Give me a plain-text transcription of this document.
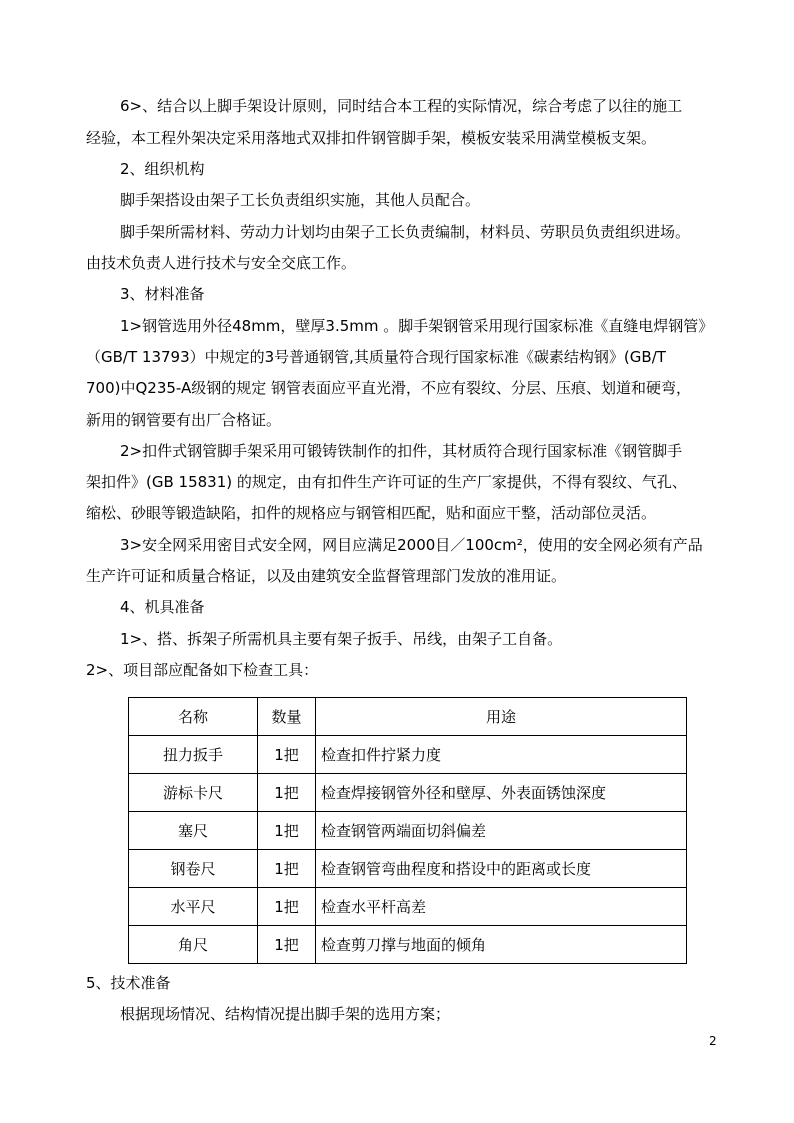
6>、结合以上脚手架设计原则，同时结合本工程的实际情况，综合考虑了以往的施工
经验，本工程外架决定采用落地式双排扣件钢管脚手架，模板安装采用满堂模板支架。
2、组织机构
脚手架搭设由架子工长负责组织实施，其他人员配合。
脚手架所需材料、劳动力计划均由架子工长负责编制，材料员、劳职员负责组织进场。
由技术负责人进行技术与安全交底工作。
3、材料准备
1>钢管选用外径48mm，壁厚3.5mm 。脚手架钢管采用现行国家标准《直缝电焊钢管》
（GB/T 13793）中规定的3号普通钢管,其质量符合现行国家标准《碳素结构钢》(GB/T
700)中Q235-A级钢的规定 钢管表面应平直光滑，不应有裂纹、分层、压痕、划道和硬弯，
新用的钢管要有出厂合格证。
2>扣件式钢管脚手架采用可锻铸铁制作的扣件，其材质符合现行国家标准《钢管脚手
架扣件》(GB 15831) 的规定，由有扣件生产许可证的生产厂家提供，不得有裂纹、气孔、
缩松、砂眼等锻造缺陷，扣件的规格应与钢管相匹配，贴和面应干整，活动部位灵活。
3>安全网采用密目式安全网，网目应满足2000目／100cm²，使用的安全网必须有产品
生产许可证和质量合格证，以及由建筑安全监督管理部门发放的准用证。
4、机具准备
1>、搭、拆架子所需机具主要有架子扳手、吊线，由架子工自备。
2>、项目部应配备如下检查工具：
名称	数量	用途
扭力扳手	1把	检查扣件拧紧力度
游标卡尺	1把	检查焊接钢管外径和壁厚、外表面锈蚀深度
塞尺	1把	检查钢管两端面切斜偏差
钢卷尺	1把	检查钢管弯曲程度和搭设中的距离或长度
水平尺	1把	检查水平杆高差
角尺	1把	检查剪刀撑与地面的倾角
5、技术准备
根据现场情况、结构情况提出脚手架的选用方案；
2
